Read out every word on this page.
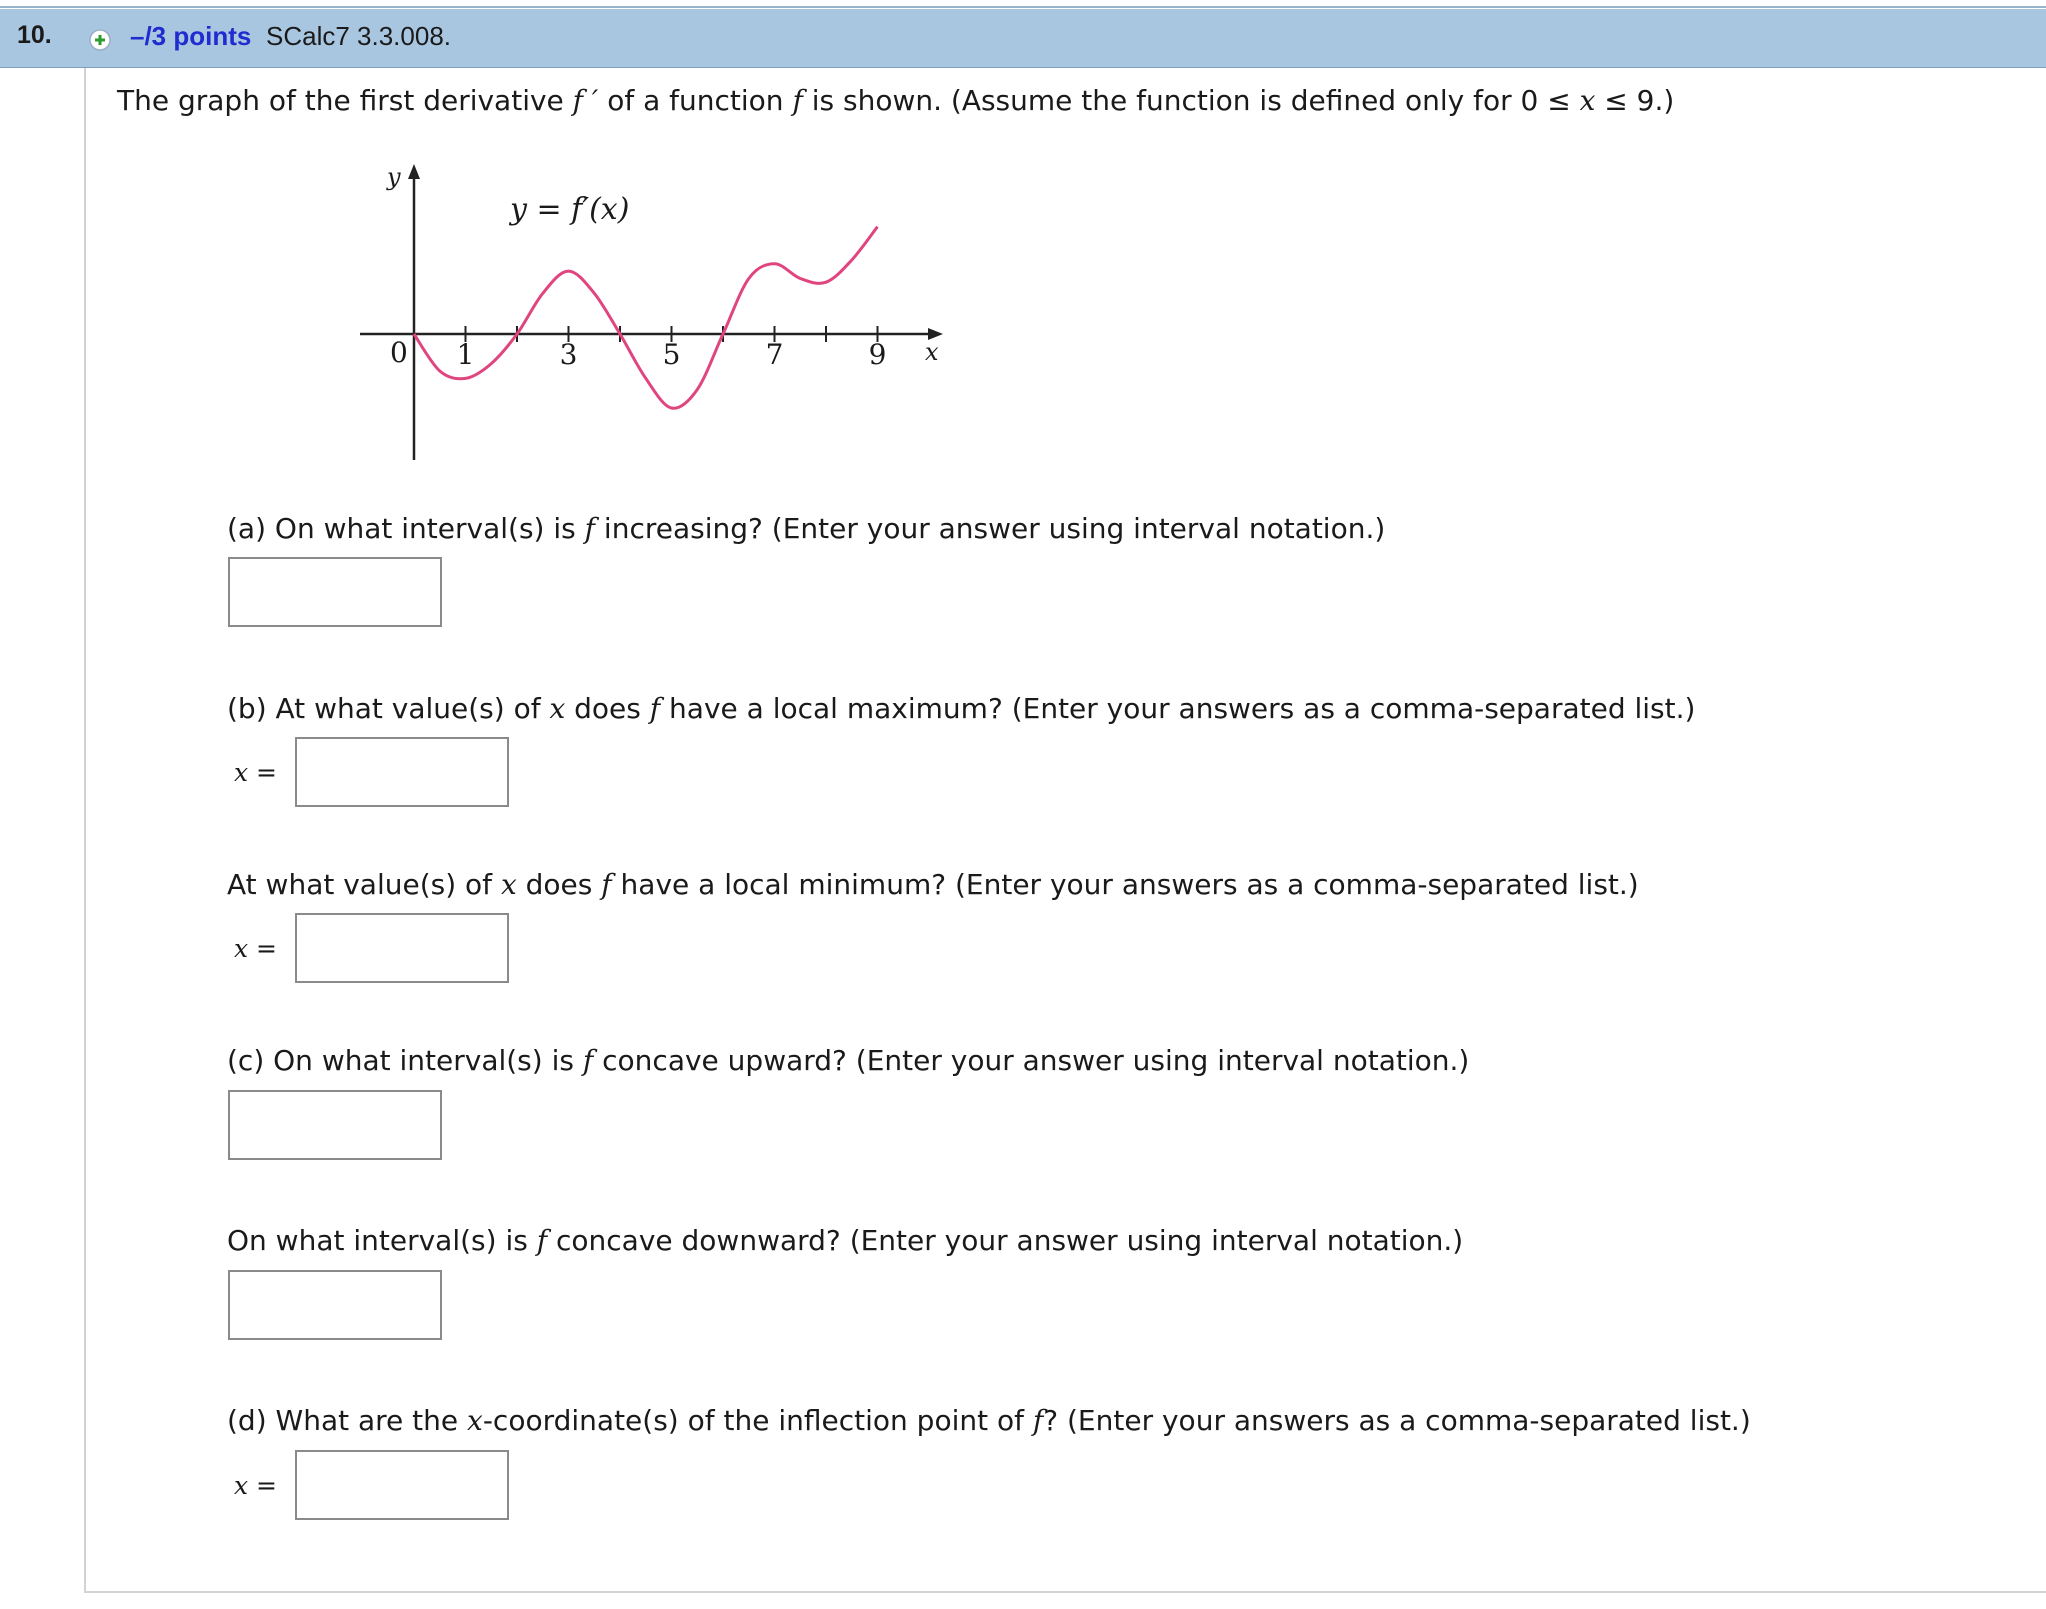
10.	–/3 points SCalc7 3.3.008.
The graph of the first derivative f ′ of a function f is shown. (Assume the function is defined only for 0 ≤ x ≤ 9.)
1	3	5	7	9
y = f′(x)
y
x
0
(a) On what interval(s) is f increasing? (Enter your answer using interval notation.)
(b) At what value(s) of x does f have a local maximum? (Enter your answers as a comma-separated list.)
x =
At what value(s) of x does f have a local minimum? (Enter your answers as a comma-separated list.)
x =
(c) On what interval(s) is f concave upward? (Enter your answer using interval notation.)
On what interval(s) is f concave downward? (Enter your answer using interval notation.)
(d) What are the x-coordinate(s) of the inflection point of f? (Enter your answers as a comma-separated list.)
x =
